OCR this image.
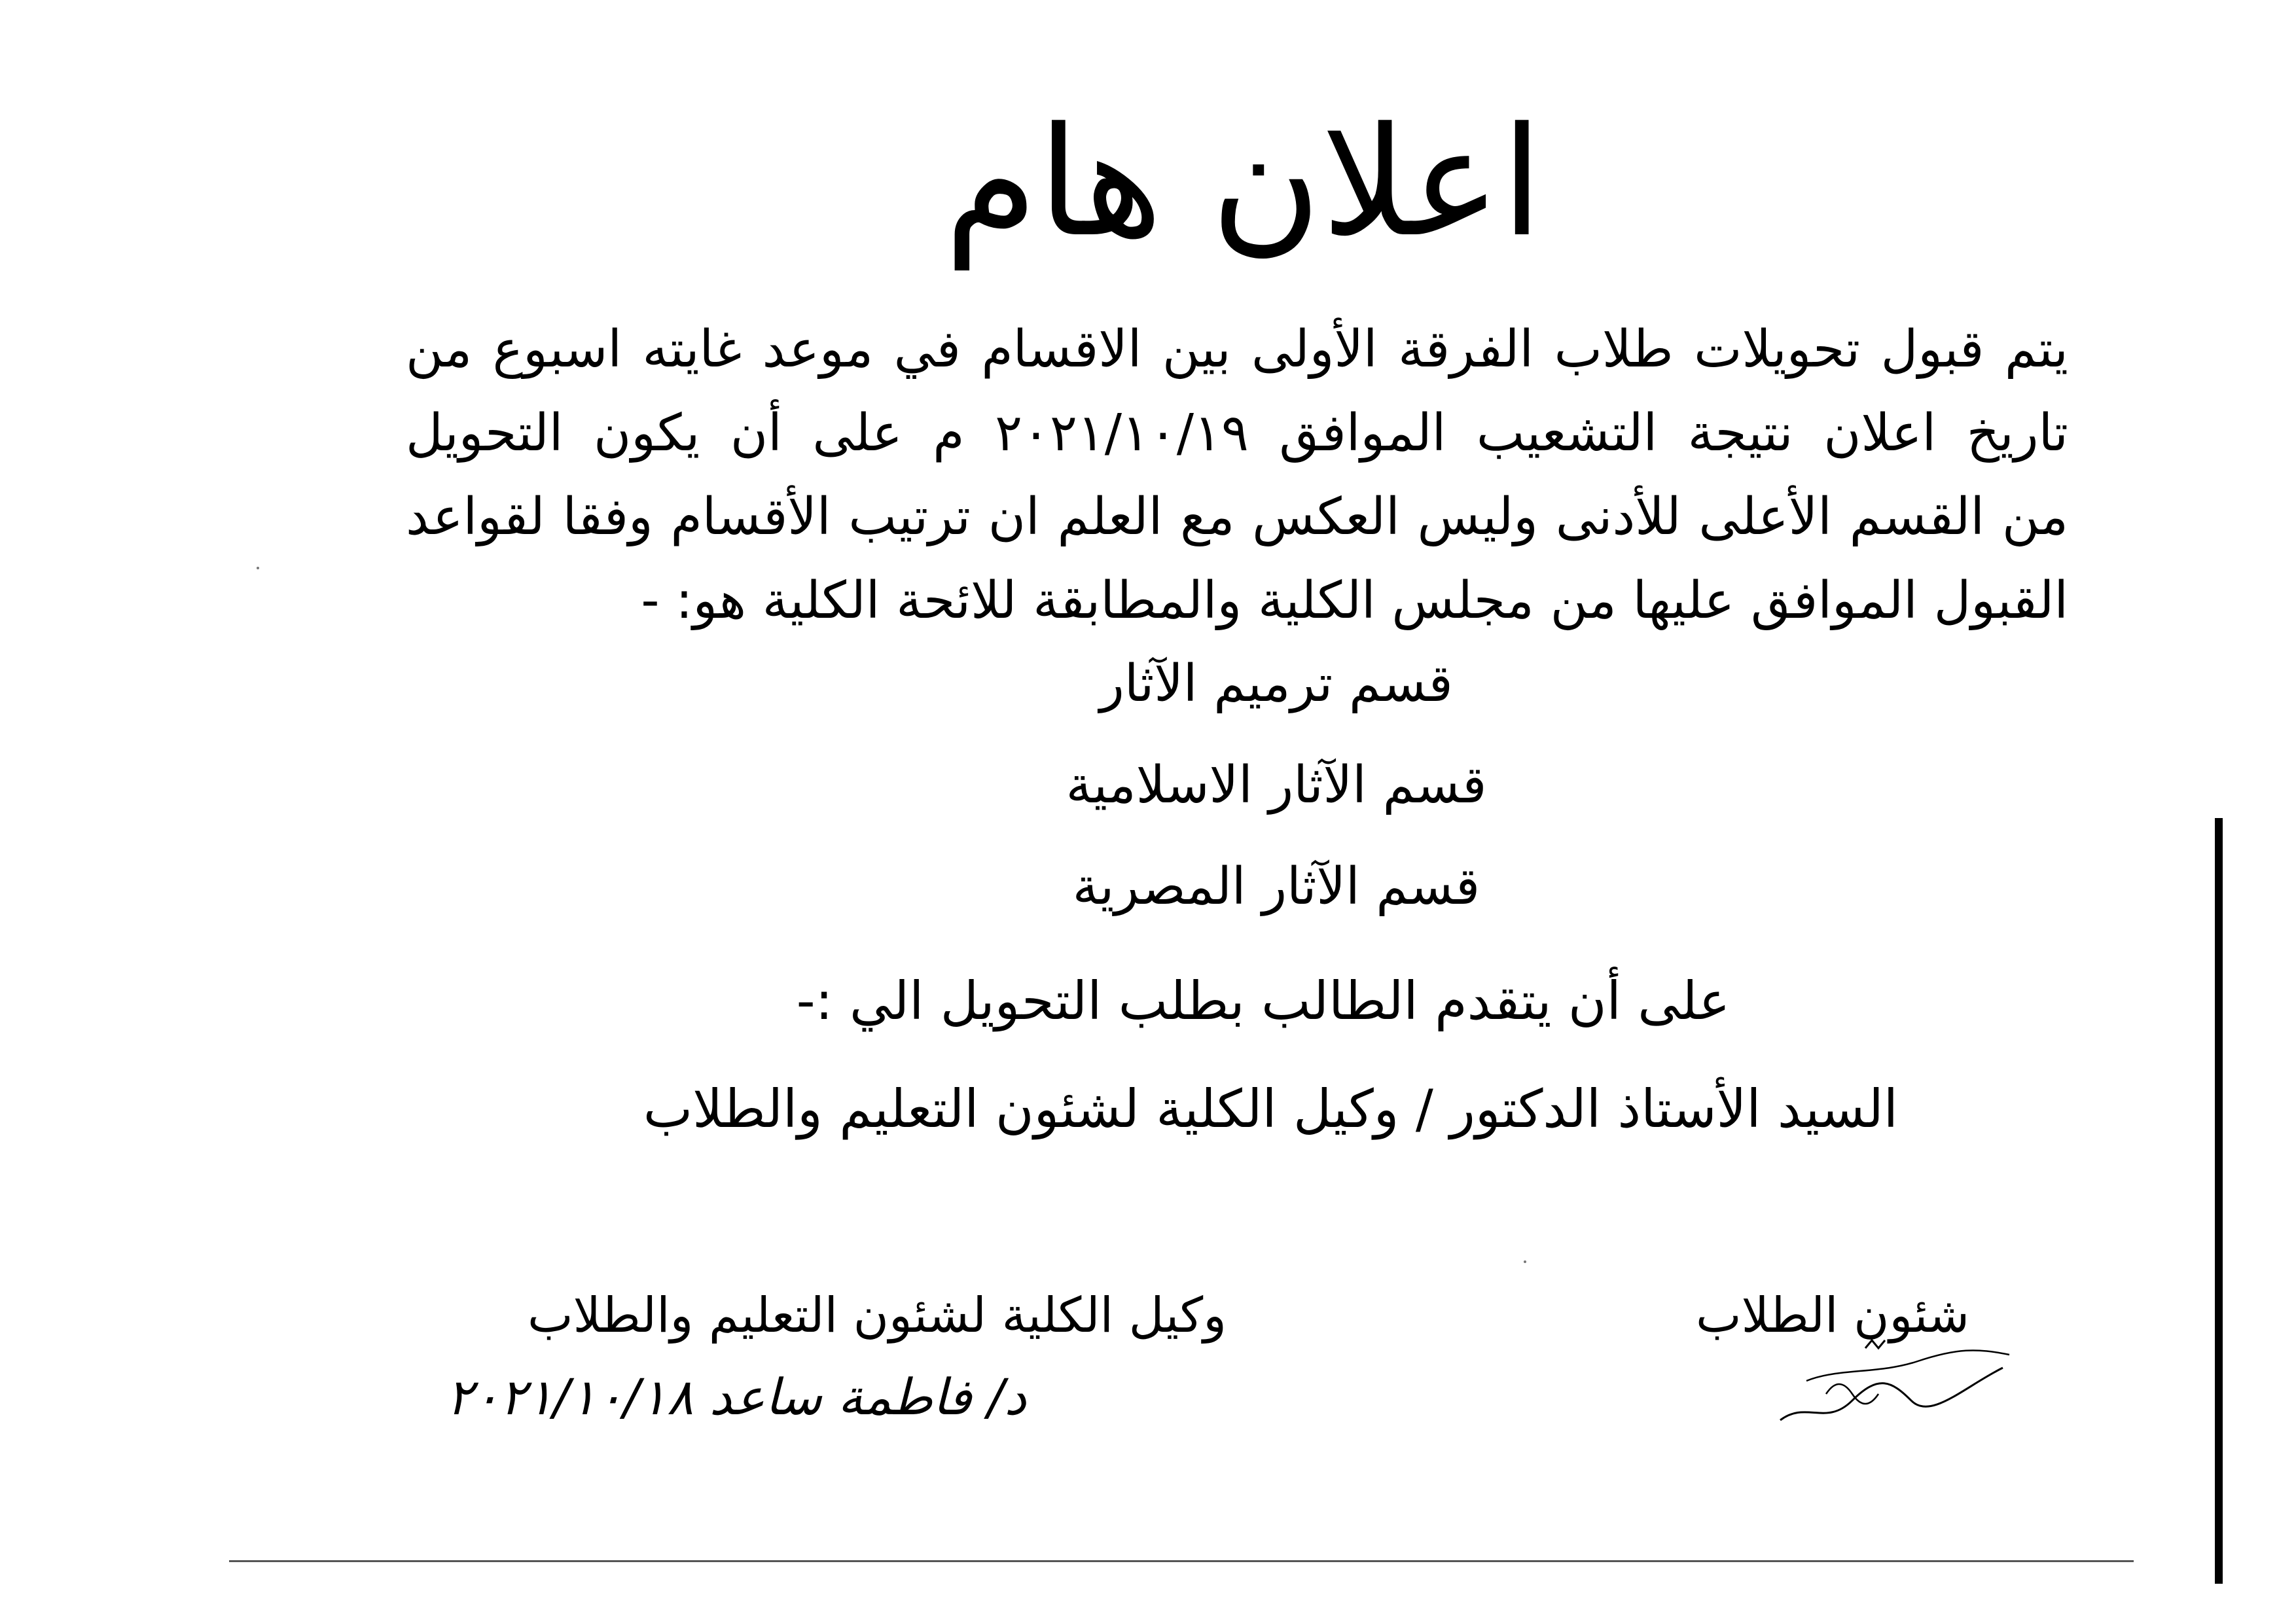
اعلان هام
يتم قبول تحويلات طلاب الفرقة الأولى بين الاقسام في موعد غايته اسبوع من
تاريخ اعلان نتيجة التشعيب الموافق ٢٠٢١/١٠/١٩ م على أن يكون التحويل
من القسم الأعلى للأدنى وليس العكس مع العلم ان ترتيب الأقسام وفقا لقواعد
القبول الموافق عليها من مجلس الكلية والمطابقة للائحة الكلية هو: -
قسم ترميم الآثار
قسم الآثار الاسلامية
قسم الآثار المصرية
على أن يتقدم الطالب بطلب التحويل الي :-
السيد الأستاذ الدكتور / وكيل الكلية لشئون التعليم والطلاب
وكيل الكلية لشئون التعليم والطلاب
د/ فاطمة ساعد ٢٠٢١/١٠/١٨
شئون الطلاب
